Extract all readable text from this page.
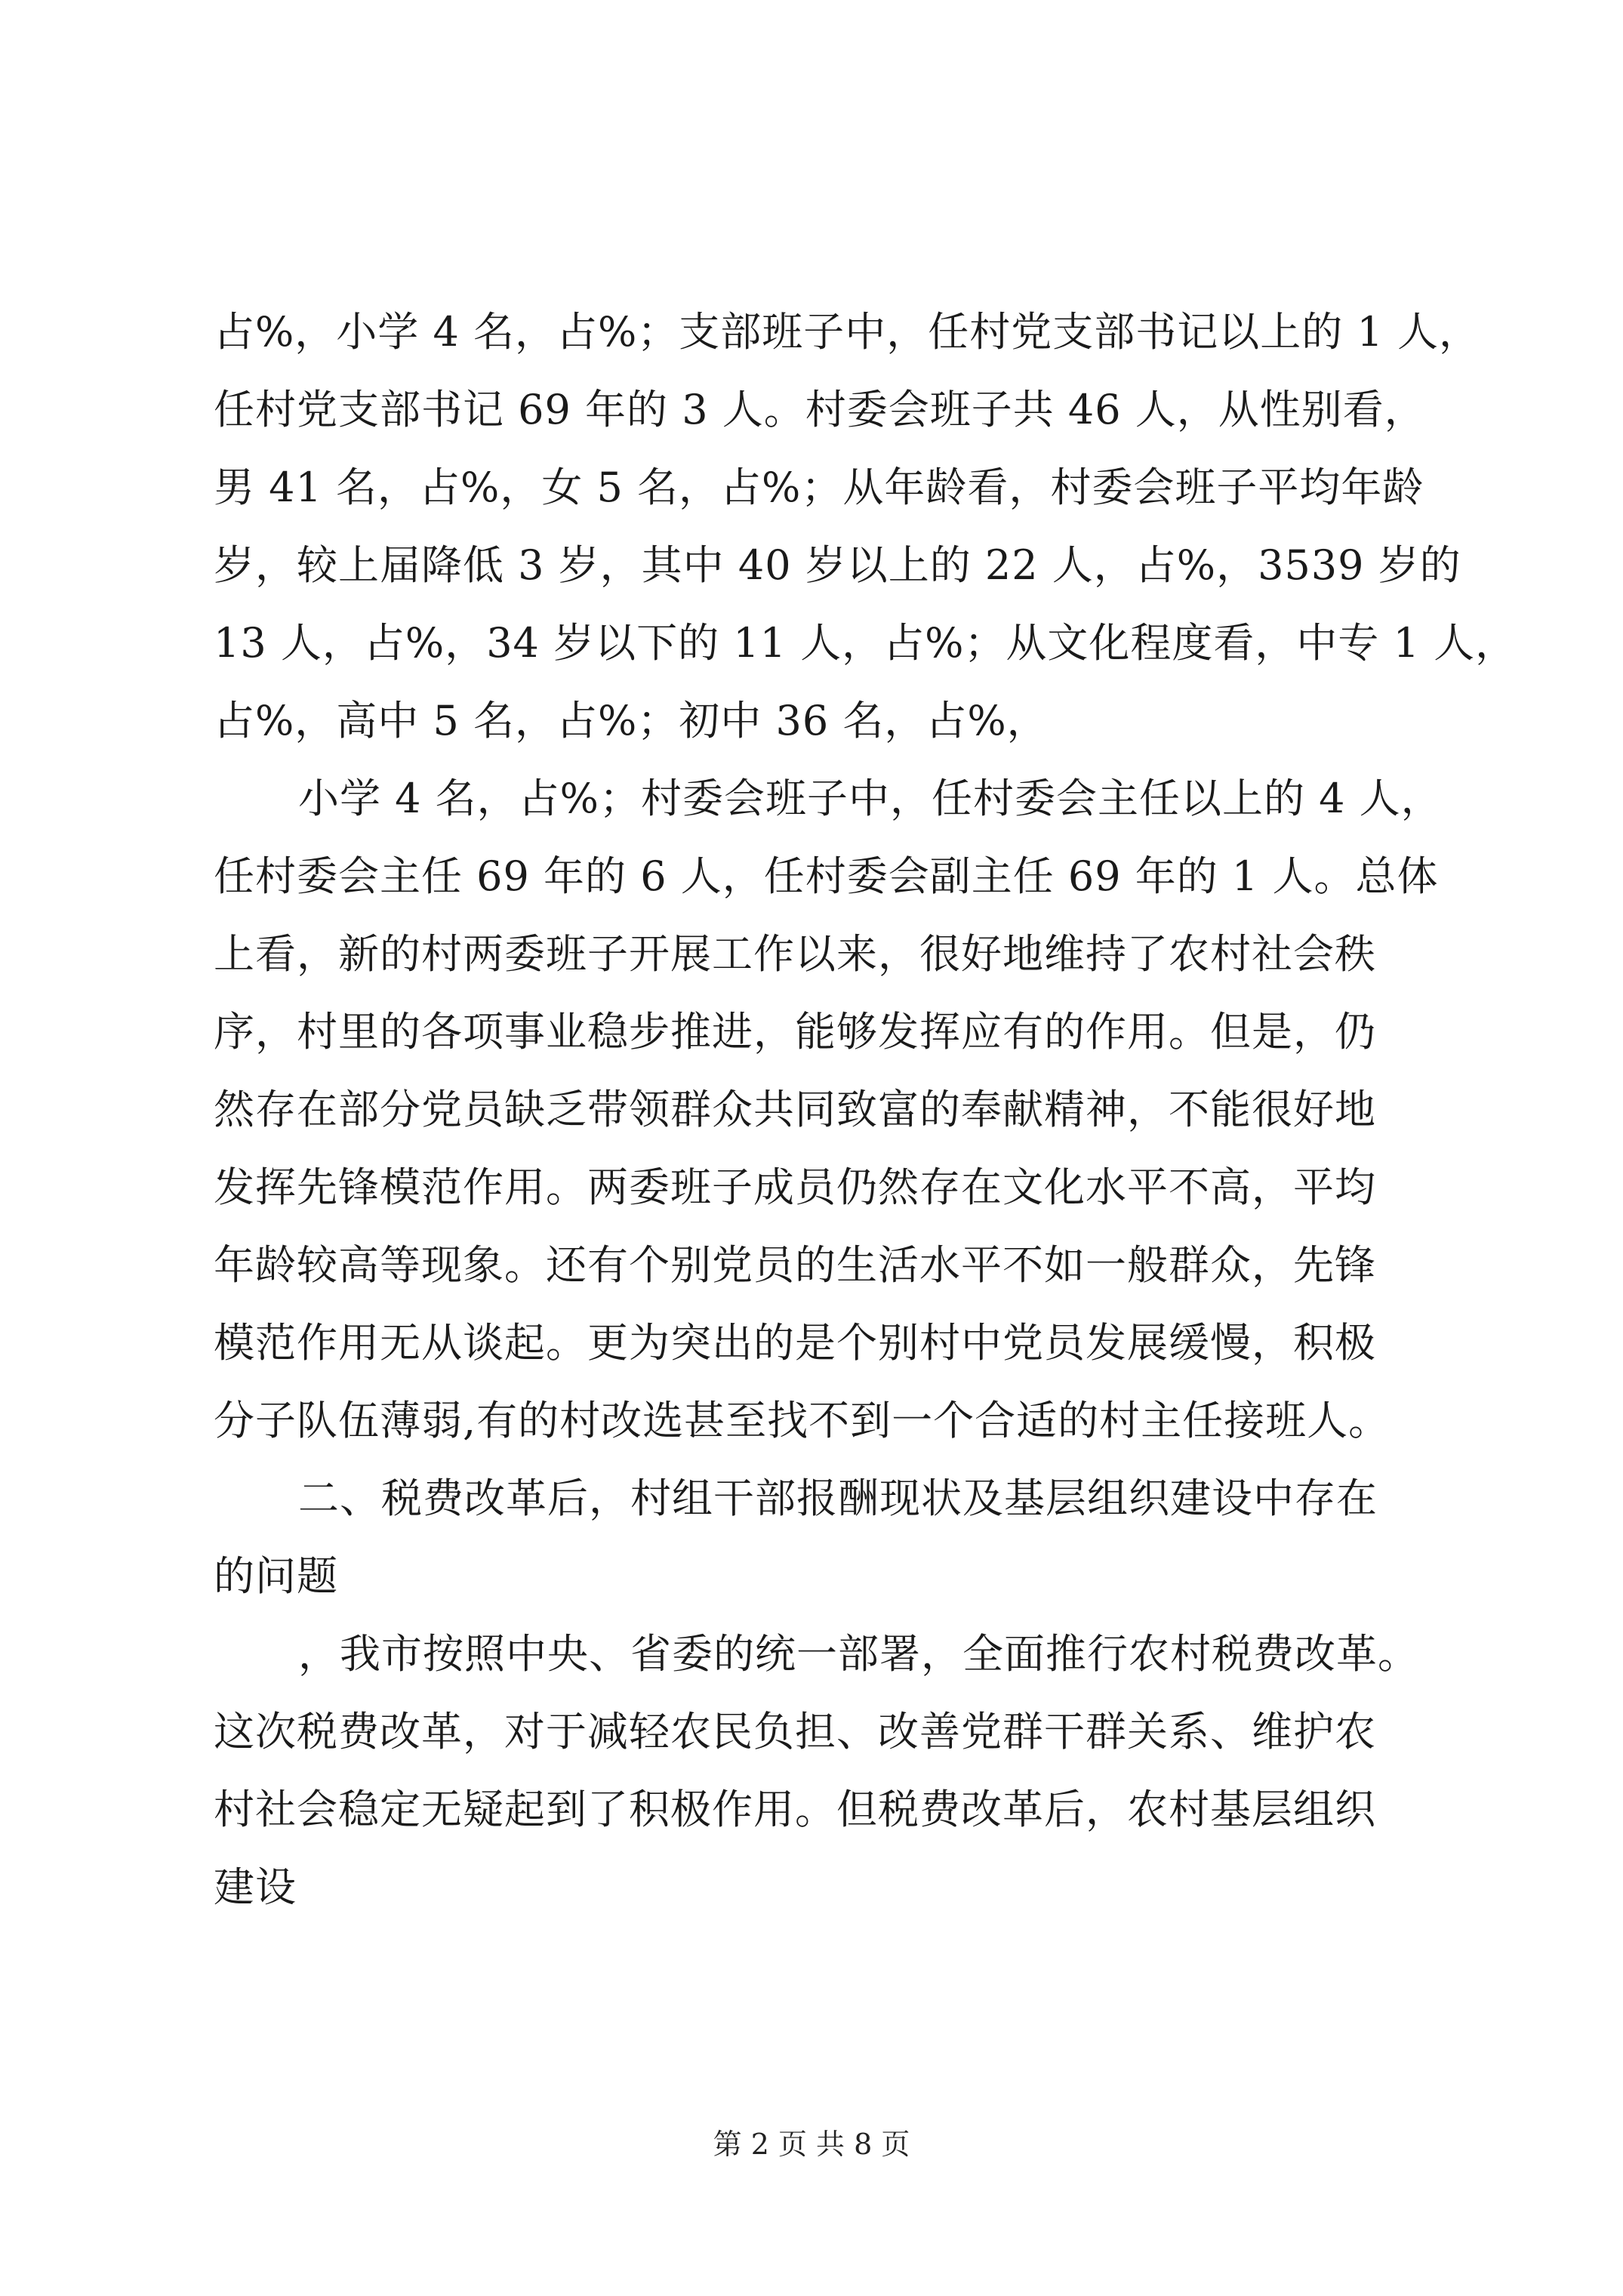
占%，小学 4 名，占%；支部班子中，任村党支部书记以上的 1 人，
任村党支部书记 69 年的 3 人。村委会班子共 46 人，从性别看，
男 41 名，占%，女 5 名，占%；从年龄看，村委会班子平均年龄
岁，较上届降低 3 岁，其中 40 岁以上的 22 人，占%，3539 岁的
13 人，占%，34 岁以下的 11 人，占%；从文化程度看，中专 1 人，
占%，高中 5 名，占%；初中 36 名，占%，
小学 4 名，占%；村委会班子中，任村委会主任以上的 4 人，
任村委会主任 69 年的 6 人，任村委会副主任 69 年的 1 人。总体
上看，新的村两委班子开展工作以来，很好地维持了农村社会秩
序，村里的各项事业稳步推进，能够发挥应有的作用。但是，仍
然存在部分党员缺乏带领群众共同致富的奉献精神，不能很好地
发挥先锋模范作用。两委班子成员仍然存在文化水平不高，平均
年龄较高等现象。还有个别党员的生活水平不如一般群众，先锋
模范作用无从谈起。更为突出的是个别村中党员发展缓慢，积极
分子队伍薄弱,有的村改选甚至找不到一个合适的村主任接班人。
二、税费改革后，村组干部报酬现状及基层组织建设中存在
的问题
，我市按照中央、省委的统一部署，全面推行农村税费改革。
这次税费改革，对于减轻农民负担、改善党群干群关系、维护农
村社会稳定无疑起到了积极作用。但税费改革后，农村基层组织
建设
第 2 页 共 8 页
